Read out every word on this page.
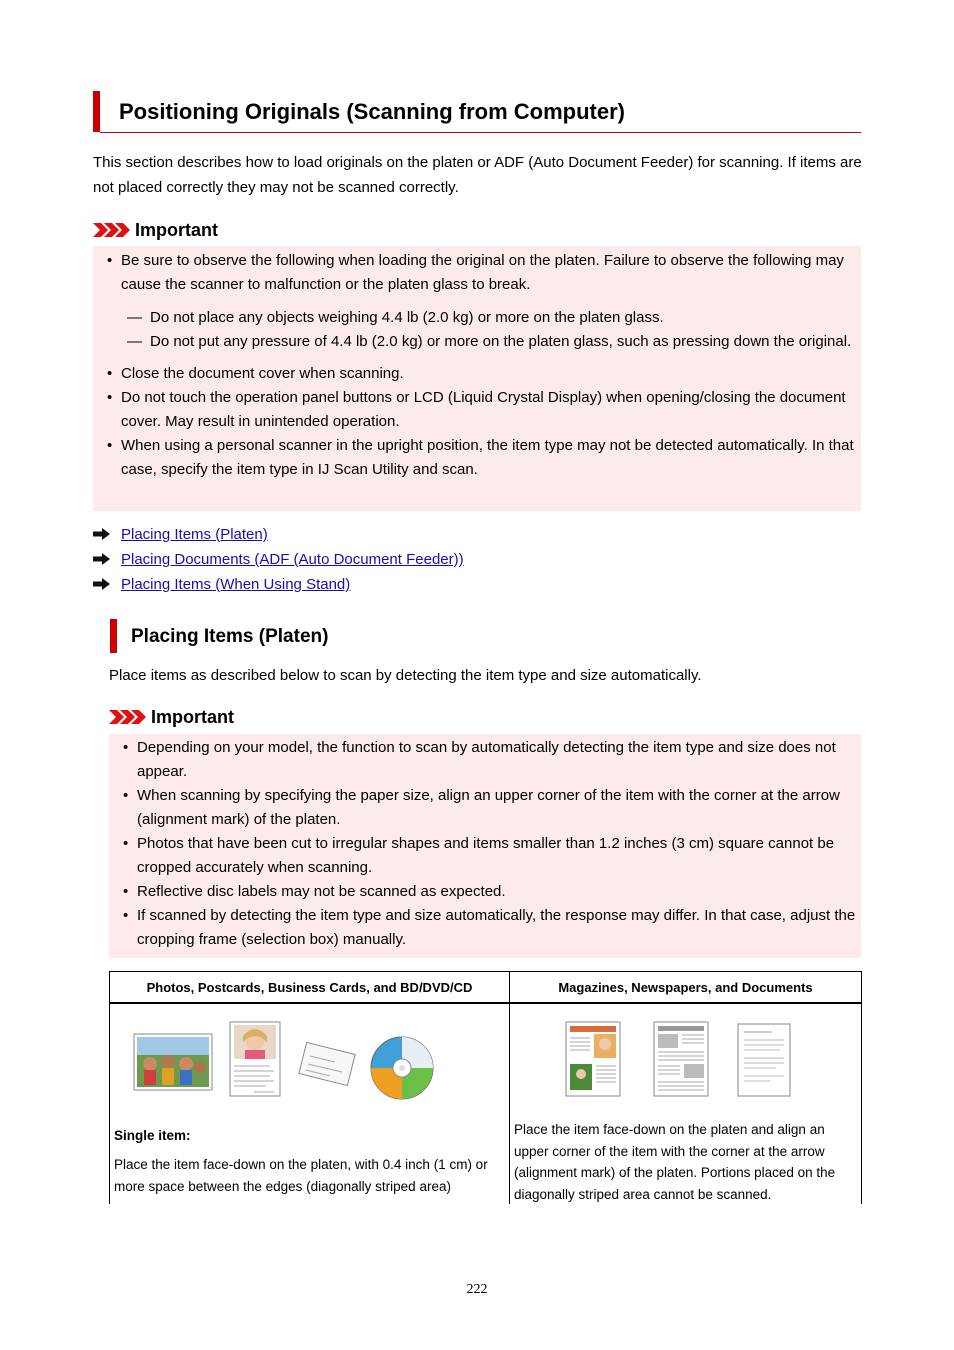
Positioning Originals (Scanning from Computer)
This section describes how to load originals on the platen or ADF (Auto Document Feeder) for scanning. If items are not placed correctly they may not be scanned correctly.
Important
• Be sure to observe the following when loading the original on the platen. Failure to observe the following may cause the scanner to malfunction or the platen glass to break.
— Do not place any objects weighing 4.4 lb (2.0 kg) or more on the platen glass.
— Do not put any pressure of 4.4 lb (2.0 kg) or more on the platen glass, such as pressing down the original.
• Close the document cover when scanning.
• Do not touch the operation panel buttons or LCD (Liquid Crystal Display) when opening/closing the document cover. May result in unintended operation.
• When using a personal scanner in the upright position, the item type may not be detected automatically. In that case, specify the item type in IJ Scan Utility and scan.
Placing Items (Platen)
Placing Documents (ADF (Auto Document Feeder))
Placing Items (When Using Stand)
Placing Items (Platen)
Place items as described below to scan by detecting the item type and size automatically.
Important
• Depending on your model, the function to scan by automatically detecting the item type and size does not appear.
• When scanning by specifying the paper size, align an upper corner of the item with the corner at the arrow (alignment mark) of the platen.
• Photos that have been cut to irregular shapes and items smaller than 1.2 inches (3 cm) square cannot be cropped accurately when scanning.
• Reflective disc labels may not be scanned as expected.
• If scanned by detecting the item type and size automatically, the response may differ. In that case, adjust the cropping frame (selection box) manually.
Photos, Postcards, Business Cards, and BD/DVD/CD	Magazines, Newspapers, and Documents

Single item:
Place the item face-down on the platen, with 0.4 inch (1 cm) or more space between the edges (diagonally striped area)	Place the item face-down on the platen and align an upper corner of the item with the corner at the arrow (alignment mark) of the platen. Portions placed on the diagonally striped area cannot be scanned.
222
